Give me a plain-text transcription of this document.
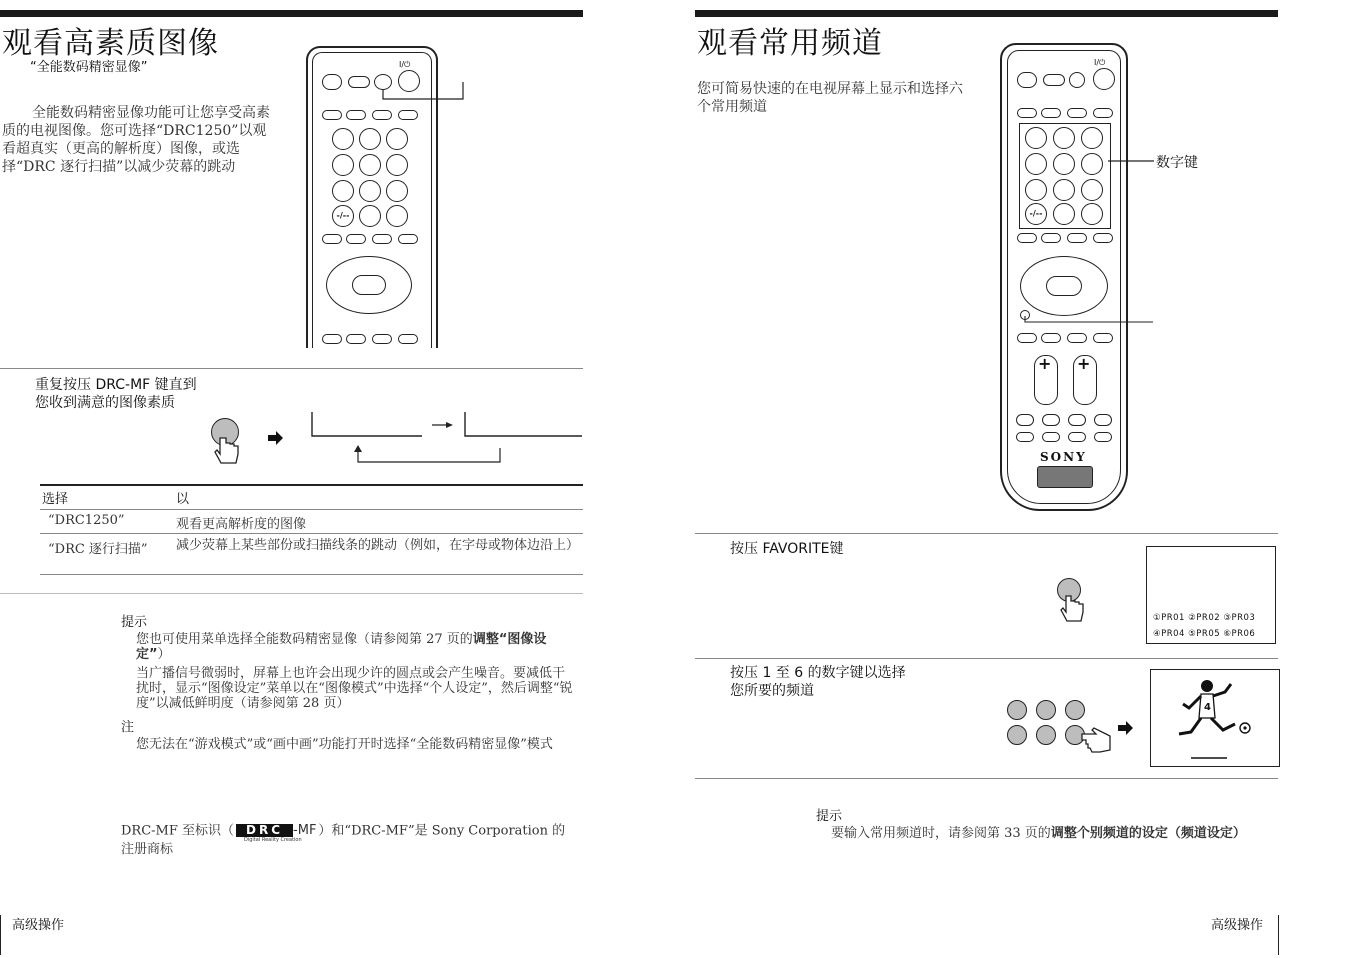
观看高素质图像
“全能数码精密显像”
全能数码精密显像功能可让您享受高素质的电视图像。您可选择“DRC1250”以观看超真实（更高的解析度）图像，或选择“DRC 逐行扫描”以减少荧幕的跳动
I/⏻
-/--
重复按压 DRC-MF 键直到
您收到满意的图像素质
选择	以
“DRC1250”	观看更高解析度的图像
“DRC 逐行扫描” 减少荧幕上某些部份或扫描线条的跳动（例如，在字母或物体边沿上）
提示
您也可使用菜单选择全能数码精密显像（请参阅第 27 页的调整“图像设定”）
当广播信号微弱时，屏幕上也许会出现少许的圆点或会产生噪音。要减低干扰时，显示“图像设定”菜单以在“图像模式”中选择“个人设定”，然后调整“锐度”以减低鲜明度（请参阅第 28 页）
注
您无法在“游戏模式”或“画中画”功能打开时选择“全能数码精密显像”模式
DRC-MF 至标识（ DRC -MF
Digital Reality Creation
）和“DRC-MF”是 Sony Corporation 的注册商标
高级操作
观看常用频道
您可简易快速的在电视屏幕上显示和选择六个常用频道
I/⏻
-/--
数字键
+ +
SONY
按压 FAVORITE键
①PR01 ②PR02 ③PR03
④PR04 ⑤PR05 ⑥PR06
按压 1 至 6 的数字键以选择
您所要的频道
4
提示
要输入常用频道时，请参阅第 33 页的调整个别频道的设定（频道设定）
高级操作
